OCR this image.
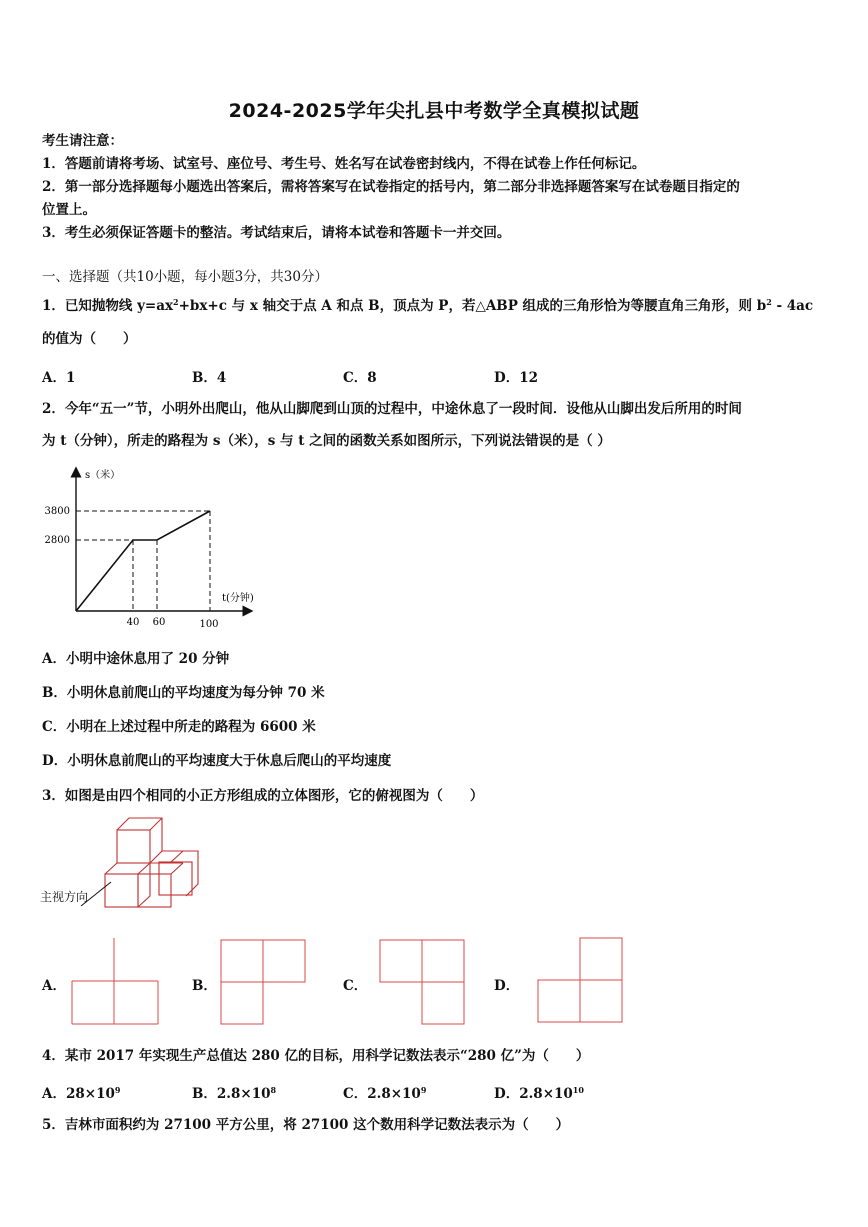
2024-2025学年尖扎县中考数学全真模拟试题
考生请注意：
1．答题前请将考场、试室号、座位号、考生号、姓名写在试卷密封线内，不得在试卷上作任何标记。
2．第一部分选择题每小题选出答案后，需将答案写在试卷指定的括号内，第二部分非选择题答案写在试卷题目指定的
位置上。
3．考生必须保证答题卡的整洁。考试结束后，请将本试卷和答题卡一并交回。
一、选择题（共10小题，每小题3分，共30分）
1．已知抛物线 $y=ax^2+bx+c$ 与 x 轴交于点 A 和点 B，顶点为 P，若△ABP 组成的三角形恰为等腰直角三角形，则 $b^2 - 4ac$
的值为（　　）
A．1	B．4	C．8	D．12
2．今年“五一”节，小明外出爬山，他从山脚爬到山顶的过程中，中途休息了一段时间．设他从山脚出发后所用的时间
为 t（分钟），所走的路程为 s（米），s 与 t 之间的函数关系如图所示，下列说法错误的是（ ）
s（米）
3800
2800
t(分钟)
40 60	100
A．小明中途休息用了 20 分钟
B．小明休息前爬山的平均速度为每分钟 70 米
C．小明在上述过程中所走的路程为 6600 米
D．小明休息前爬山的平均速度大于休息后爬山的平均速度
3．如图是由四个相同的小正方形组成的立体图形，它的俯视图为（　　）
主视方向
A．	B．	C．	D．
4．某市 2017 年实现生产总值达 280 亿的目标，用科学记数法表示“280 亿”为（　　）
A．$28\times 10^9$	B．$2.8\times 10^8$	C．$2.8\times 10^9$	D．$2.8\times 10^{10}$
5．吉林市面积约为 27100 平方公里，将 27100 这个数用科学记数法表示为（　　）
